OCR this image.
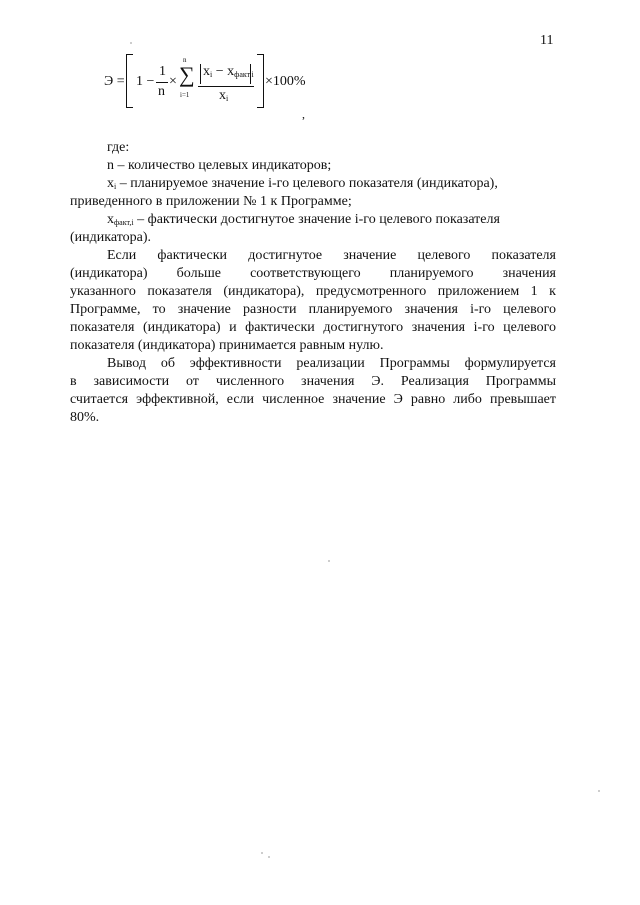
11
Э = 1 −
1
n
×
n
∑
i=1
$x_i - x_{факт,i}$
$x_i$
×100%
,
где:
n – количество целевых индикаторов;
$x_i$ – планируемое значение i-го целевого показателя (индикатора),
приведенного в приложении № 1 к Программе;
$x_{факт,i}$ – фактически достигнутое значение i-го целевого показателя
(индикатора).
Если фактически достигнутое значение целевого показателя
(индикатора) больше соответствующего планируемого значения
указанного показателя (индикатора), предусмотренного приложением 1 к
Программе, то значение разности планируемого значения i-го целевого
показателя (индикатора) и фактически достигнутого значения i-го целевого
показателя (индикатора) принимается равным нулю.
Вывод об эффективности реализации Программы формулируется
в зависимости от численного значения Э. Реализация Программы
считается эффективной, если численное значение Э равно либо превышает
80%.
